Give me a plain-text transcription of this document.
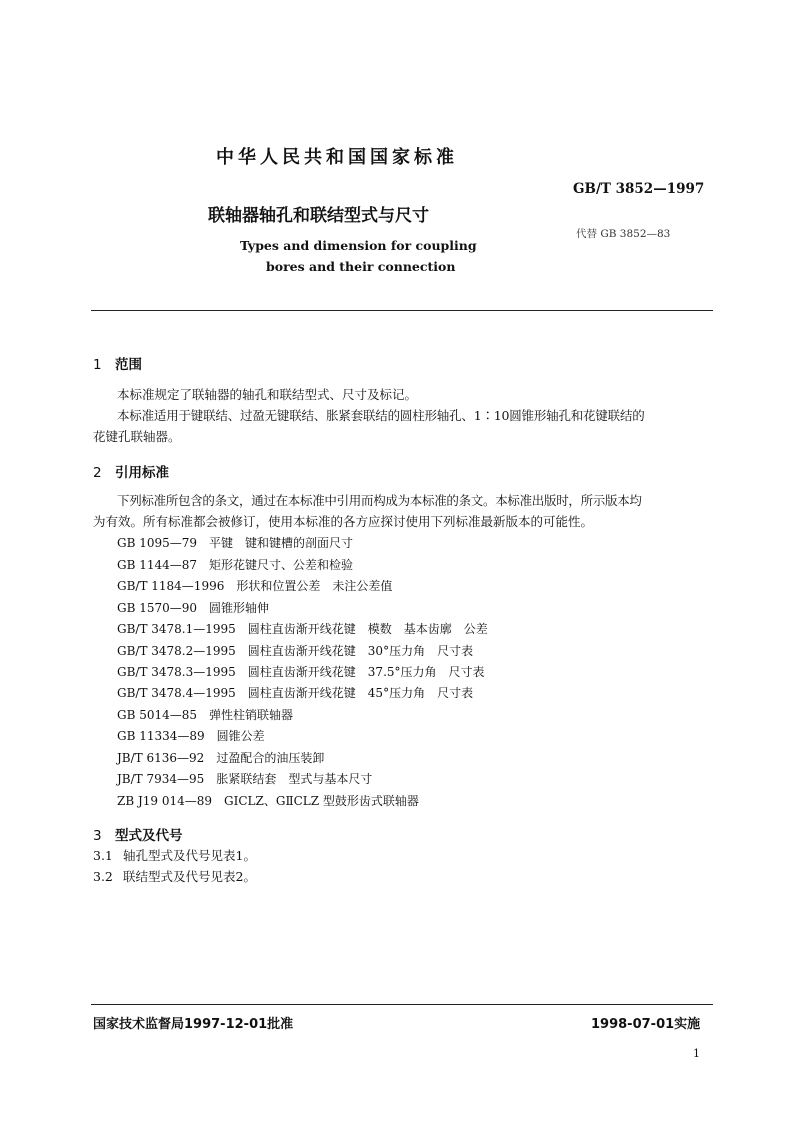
中华人民共和国国家标准
GB/T 3852—1997
联轴器轴孔和联结型式与尺寸
代替 GB 3852—83
Types and dimension for coupling
bores and their connection
1 范围
本标准规定了联轴器的轴孔和联结型式、尺寸及标记。
本标准适用于键联结、过盈无键联结、胀紧套联结的圆柱形轴孔、1∶10圆锥形轴孔和花键联结的
花键孔联轴器。
2 引用标准
下列标准所包含的条文，通过在本标准中引用而构成为本标准的条文。本标准出版时，所示版本均
为有效。所有标准都会被修订，使用本标准的各方应探讨使用下列标准最新版本的可能性。
GB 1095—79 平键　键和键槽的剖面尺寸
GB 1144—87 矩形花键尺寸、公差和检验
GB/T 1184—1996 形状和位置公差　未注公差值
GB 1570—90 圆锥形轴伸
GB/T 3478.1—1995 圆柱直齿渐开线花键　模数　基本齿廓　公差
GB/T 3478.2—1995 圆柱直齿渐开线花键　30°压力角　尺寸表
GB/T 3478.3—1995 圆柱直齿渐开线花键　37.5°压力角　尺寸表
GB/T 3478.4—1995 圆柱直齿渐开线花键　45°压力角　尺寸表
GB 5014—85 弹性柱销联轴器
GB 11334—89 圆锥公差
JB/T 6136—92 过盈配合的油压装卸
JB/T 7934—95 胀紧联结套　型式与基本尺寸
ZB J19 014—89 GⅠCLZ、GⅡCLZ 型鼓形齿式联轴器
3 型式及代号
3.1 轴孔型式及代号见表1。
3.2 联结型式及代号见表2。
国家技术监督局1997-12-01批准	1998-07-01实施
1
